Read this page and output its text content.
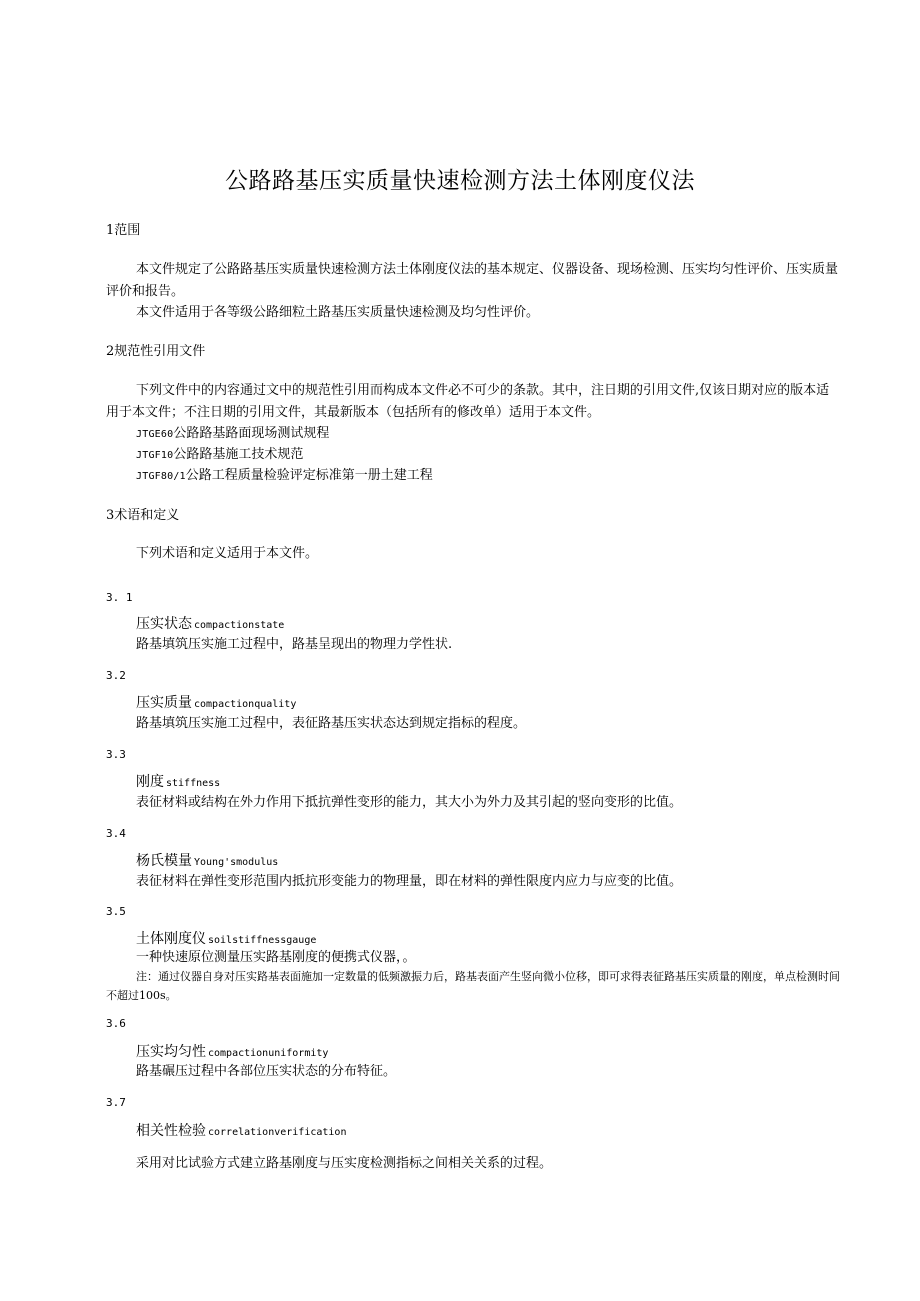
公路路基压实质量快速检测方法土体刚度仪法
1范围
本文件规定了公路路基压实质量快速检测方法土体刚度仪法的基本规定、仪器设备、现场检测、压实均匀性评价、压实质量评价和报告。
本文件适用于各等级公路细粒土路基压实质量快速检测及均匀性评价。
2规范性引用文件
下列文件中的内容通过文中的规范性引用而构成本文件必不可少的条款。其中，注日期的引用文件,仅该日期对应的版本适用于本文件；不注日期的引用文件，其最新版本（包括所有的修改单）适用于本文件。
JTGE60公路路基路面现场测试规程
JTGF10公路路基施工技术规范
JTGF80/1公路工程质量检验评定标准第一册土建工程
3术语和定义
下列术语和定义适用于本文件。
3. 1
压实状态 compactionstate
路基填筑压实施工过程中，路基呈现出的物理力学性状.
3.2
压实质量 compactionquality
路基填筑压实施工过程中，表征路基压实状态达到规定指标的程度。
3.3
刚度 stiffness
表征材料或结构在外力作用下抵抗弹性变形的能力，其大小为外力及其引起的竖向变形的比值。
3.4
杨氏模量 Young'smodulus
表征材料在弹性变形范围内抵抗形变能力的物理量，即在材料的弹性限度内应力与应变的比值。
3.5
土体刚度仪 soilstiffnessgauge
一种快速原位测量压实路基刚度的便携式仪器，。
注：通过仪器自身对压实路基表面施加一定数量的低频激振力后，路基表面产生竖向微小位移，即可求得表征路基压实质量的刚度，单点检测时间不超过100s。
3.6
压实均匀性 compactionuniformity
路基碾压过程中各部位压实状态的分布特征。
3.7
相关性检验 correlationverification
采用对比试验方式建立路基刚度与压实度检测指标之间相关关系的过程。
